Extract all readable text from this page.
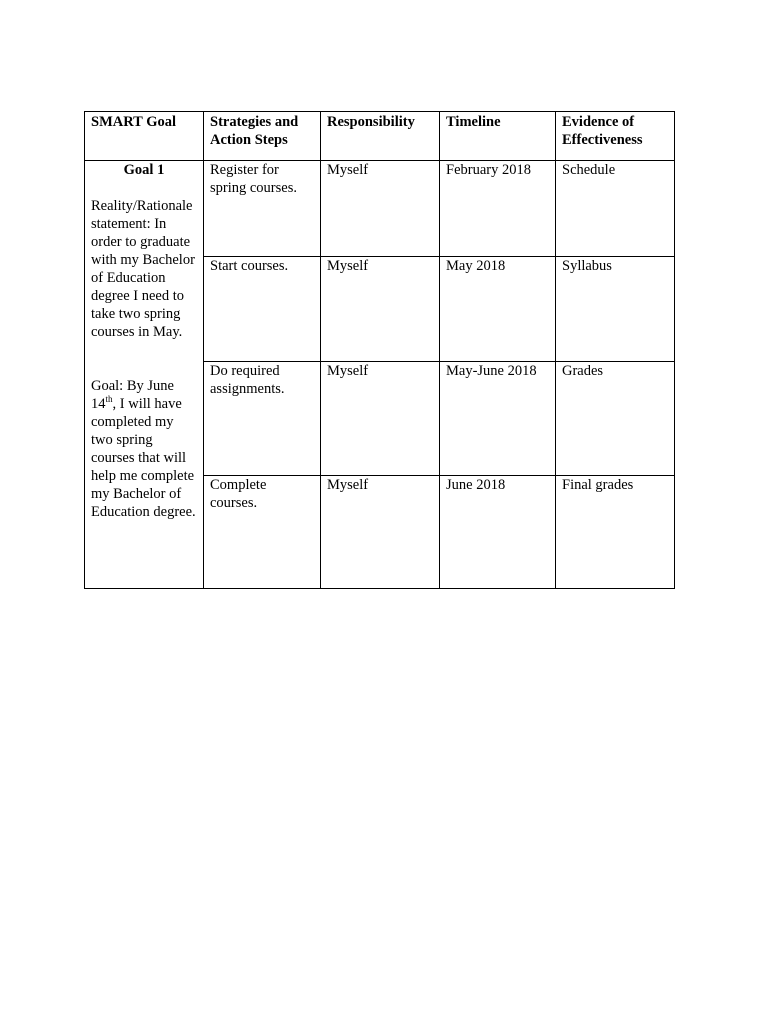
SMART Goal	Strategies and Action Steps	Responsibility	Timeline	Evidence of Effectiveness

Goal 1

Reality/Rationale statement: In order to graduate with my Bachelor of Education degree I need to take two spring courses in May.

Goal: By June 14th, I will have completed my two spring courses that will help me complete my Bachelor of Education degree.	Register for spring courses.	Myself	February 2018	Schedule
	Start courses.	Myself	May 2018	Syllabus
	Do required assignments.	Myself	May-June 2018	Grades
	Complete courses.	Myself	June 2018	Final grades
